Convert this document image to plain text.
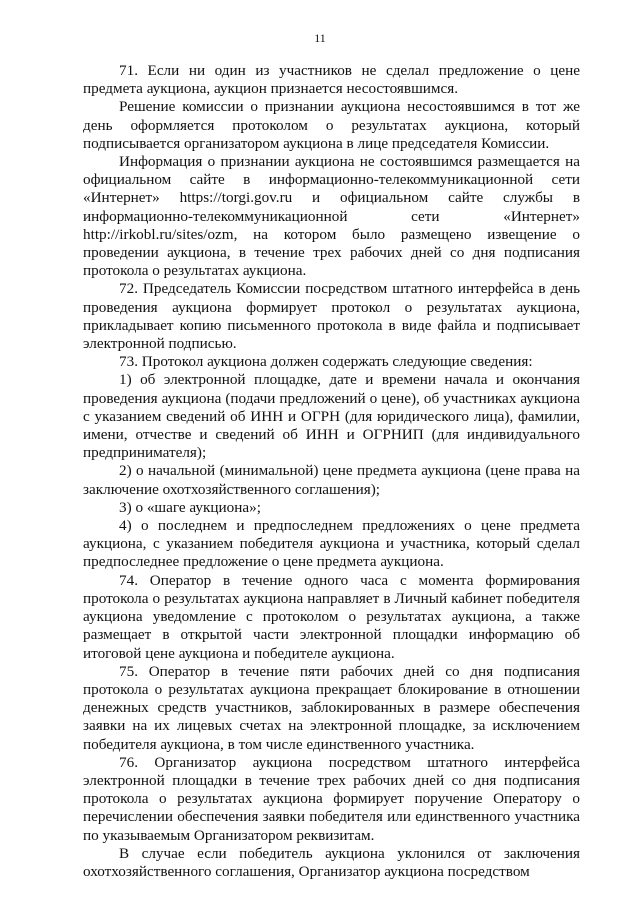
11

71. Если ни один из участников не сделал предложение о цене предмета аукциона, аукцион признается несостоявшимся.

Решение комиссии о признании аукциона несостоявшимся в тот же день оформляется протоколом о результатах аукциона, который подписывается организатором аукциона в лице председателя Комиссии.

Информация о признании аукциона не состоявшимся размещается на официальном сайте в информационно-телекоммуникационной сети «Интернет» https://torgi.gov.ru и официальном сайте службы в информационно-телекоммуникационной сети «Интернет» http://irkobl.ru/sites/ozm, на котором было размещено извещение о проведении аукциона, в течение трех рабочих дней со дня подписания протокола о результатах аукциона.

72. Председатель Комиссии посредством штатного интерфейса в день проведения аукциона формирует протокол о результатах аукциона, прикладывает копию письменного протокола в виде файла и подписывает электронной подписью.

73. Протокол аукциона должен содержать следующие сведения:

1) об электронной площадке, дате и времени начала и окончания проведения аукциона (подачи предложений о цене), об участниках аукциона с указанием сведений об ИНН и ОГРН (для юридического лица), фамилии, имени, отчестве и сведений об ИНН и ОГРНИП (для индивидуального предпринимателя);

2) о начальной (минимальной) цене предмета аукциона (цене права на заключение охотхозяйственного соглашения);

3) о «шаге аукциона»;

4) о последнем и предпоследнем предложениях о цене предмета аукциона, с указанием победителя аукциона и участника, который сделал предпоследнее предложение о цене предмета аукциона.

74. Оператор в течение одного часа с момента формирования протокола о результатах аукциона направляет в Личный кабинет победителя аукциона уведомление с протоколом о результатах аукциона, а также размещает в открытой части электронной площадки информацию об итоговой цене аукциона и победителе аукциона.

75. Оператор в течение пяти рабочих дней со дня подписания протокола о результатах аукциона прекращает блокирование в отношении денежных средств участников, заблокированных в размере обеспечения заявки на их лицевых счетах на электронной площадке, за исключением победителя аукциона, в том числе единственного участника.

76. Организатор аукциона посредством штатного интерфейса электронной площадки в течение трех рабочих дней со дня подписания протокола о результатах аукциона формирует поручение Оператору о перечислении обеспечения заявки победителя или единственного участника по указываемым Организатором реквизитам.

В случае если победитель аукциона уклонился от заключения охотхозяйственного соглашения, Организатор аукциона посредством
